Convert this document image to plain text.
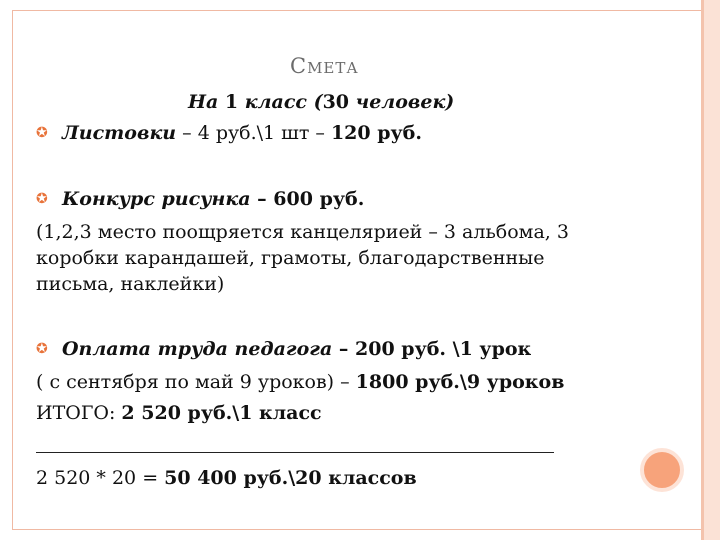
Смета
На 1 класс (30 человек)
✪ Листовки – 4 руб.\1 шт – 120 руб.
✪ Конкурс рисунка – 600 руб.
(1,2,3 место поощряется канцелярией – 3 альбома, 3
коробки карандашей, грамоты, благодарственные
письма, наклейки)
✪ Оплата труда педагога – 200 руб. \1 урок
( с сентября по май 9 уроков) – 1800 руб.\9 уроков
ИТОГО: 2 520 руб.\1 класс
2 520 * 20 = 50 400 руб.\20 классов
